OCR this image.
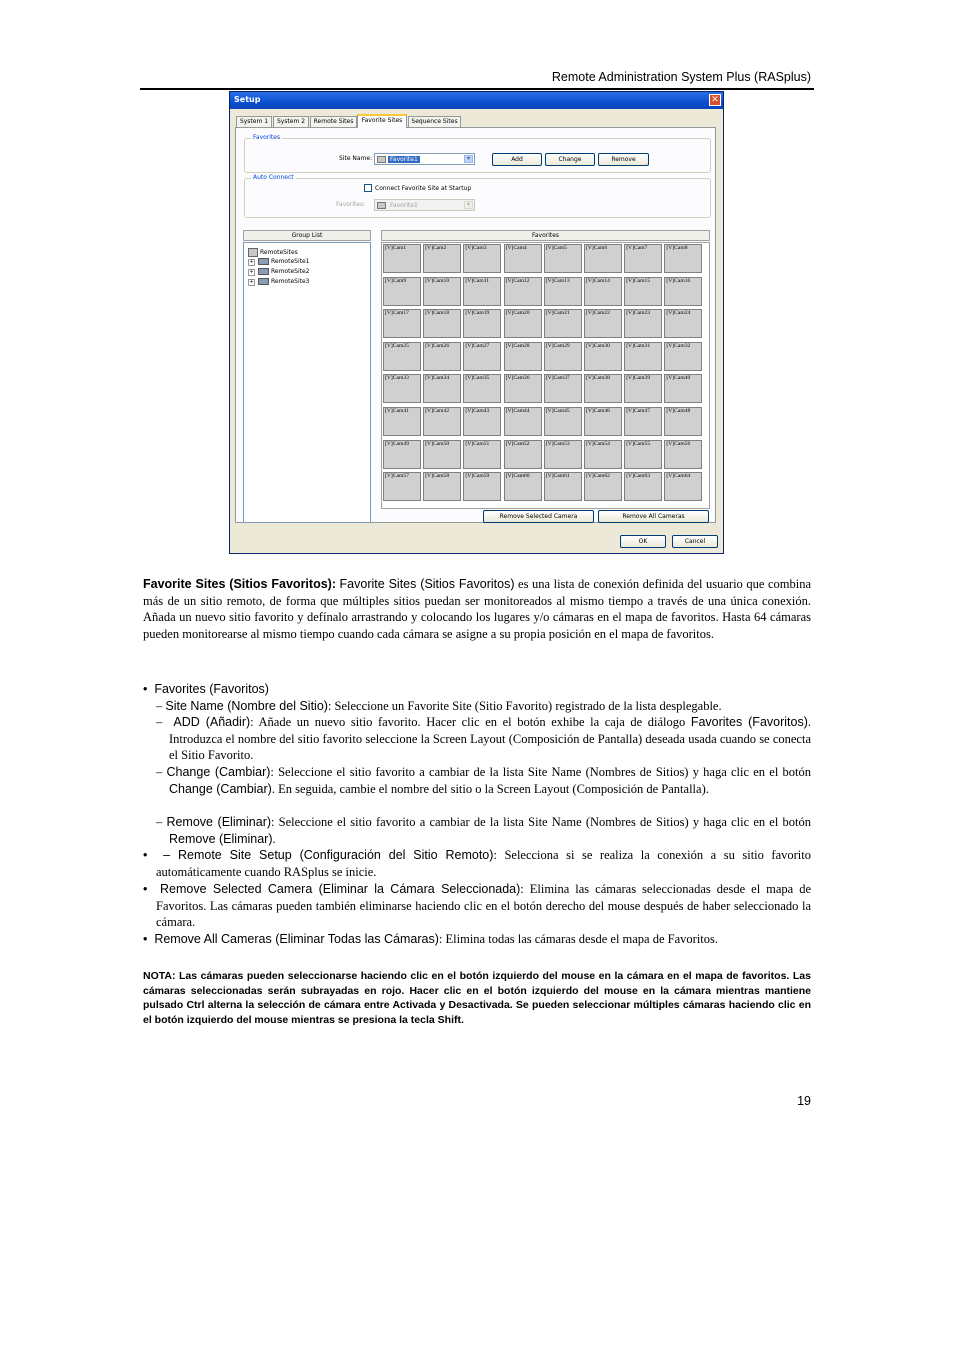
Remote Administration System Plus (RASplus)
Setup	✕
System 1	System 2	Remote Sites	Favorite Sites	Sequence Sites
Favorites
Site Name:	Favorite1	▾	Add	Change	Remove
Auto Connect
Connect Favorite Site at Startup
Favorites:	Favorite1	▾
Group List
RemoteSites
+	RemoteSite1
+	RemoteSite2
+	RemoteSite3
Favorites
Remove Selected Camera	Remove All Cameras
OK	Cancel
[V]Cam1	[V]Cam2	[V]Cam3	[V]Cam4	[V]Cam5	[V]Cam6	[V]Cam7	[V]Cam8
[V]Cam9	[V]Cam10	[V]Cam11	[V]Cam12	[V]Cam13	[V]Cam14	[V]Cam15	[V]Cam16
[V]Cam17	[V]Cam18	[V]Cam19	[V]Cam20	[V]Cam21	[V]Cam22	[V]Cam23	[V]Cam24
[V]Cam25	[V]Cam26	[V]Cam27	[V]Cam28	[V]Cam29	[V]Cam30	[V]Cam31	[V]Cam32
[V]Cam33	[V]Cam34	[V]Cam35	[V]Cam36	[V]Cam37	[V]Cam38	[V]Cam39	[V]Cam40
[V]Cam41	[V]Cam42	[V]Cam43	[V]Cam44	[V]Cam45	[V]Cam46	[V]Cam47	[V]Cam48
[V]Cam49	[V]Cam50	[V]Cam51	[V]Cam52	[V]Cam53	[V]Cam54	[V]Cam55	[V]Cam56
[V]Cam57	[V]Cam58	[V]Cam59	[V]Cam60	[V]Cam61	[V]Cam62	[V]Cam63	[V]Cam64
Favorite Sites (Sitios Favoritos): Favorite Sites (Sitios Favoritos) es una lista de conexión definida del usuario que combina más de un sitio remoto, de forma que múltiples sitios puedan ser monitoreados al mismo tiempo a través de una única conexión. Añada un nuevo sitio favorito y defínalo arrastrando y colocando los lugares y/o cámaras en el mapa de favoritos. Hasta 64 cámaras pueden monitorearse al mismo tiempo cuando cada cámara se asigne a su propia posición en el mapa de favoritos.
•  Favorites (Favoritos)
– Site Name (Nombre del Sitio): Seleccione un Favorite Site (Sitio Favorito) registrado de la lista desplegable.
–  ADD (Añadir): Añade un nuevo sitio favorito. Hacer clic en el botón exhibe la caja de diálogo Favorites (Favoritos). Introduzca el nombre del sitio favorito seleccione la Screen Layout (Composición de Pantalla) deseada usada cuando se conecta el Sitio Favorito.
– Change (Cambiar): Seleccione el sitio favorito a cambiar de la lista Site Name (Nombres de Sitios) y haga clic en el botón Change (Cambiar). En seguida, cambie el nombre del sitio o la Screen Layout (Composición de Pantalla).
– Remove (Eliminar): Seleccione el sitio favorito a cambiar de la lista Site Name (Nombres de Sitios) y haga clic en el botón Remove (Eliminar).
•  – Remote Site Setup (Configuración del Sitio Remoto): Selecciona si se realiza la conexión a su sitio favorito automáticamente cuando RASplus se inicie.
•  Remove Selected Camera (Eliminar la Cámara Seleccionada): Elimina las cámaras seleccionadas desde el mapa de Favoritos. Las cámaras pueden también eliminarse haciendo clic en el botón derecho del mouse después de haber seleccionado la cámara.
•  Remove All Cameras (Eliminar Todas las Cámaras): Elimina todas las cámaras desde el mapa de Favoritos.
NOTA: Las cámaras pueden seleccionarse haciendo clic en el botón izquierdo del mouse en la cámara en el mapa de favoritos. Las cámaras seleccionadas serán subrayadas en rojo. Hacer clic en el botón izquierdo del mouse en la cámara mientras mantiene pulsado Ctrl alterna la selección de cámara entre Activada y Desactivada. Se pueden seleccionar múltiples cámaras haciendo clic en el botón izquierdo del mouse mientras se presiona la tecla Shift.
19
